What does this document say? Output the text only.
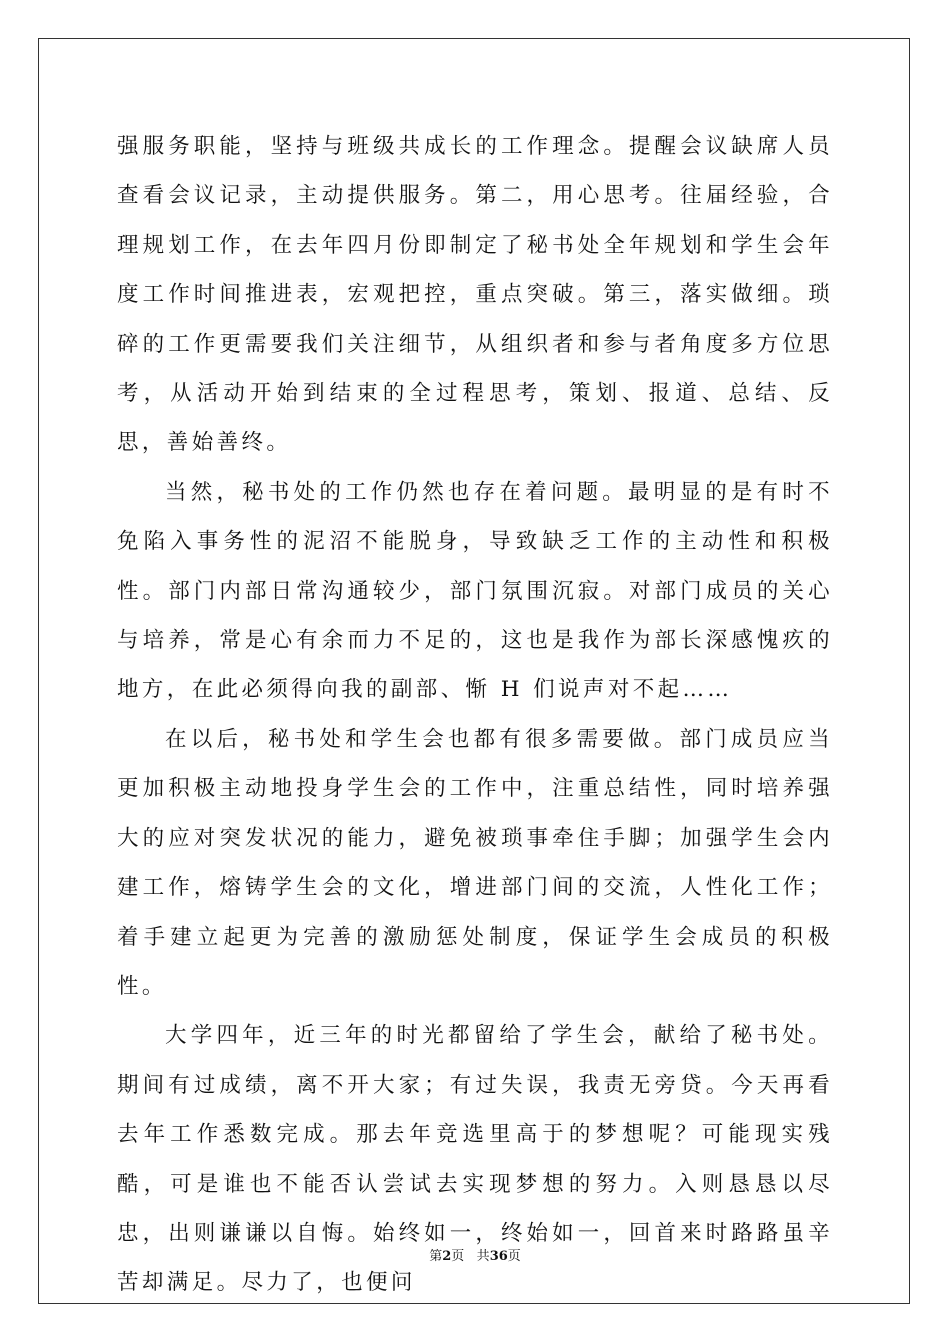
强服务职能，坚持与班级共成长的工作理念。提醒会议缺席人员查看会议记录，主动提供服务。第二，用心思考。往届经验，合理规划工作，在去年四月份即制定了秘书处全年规划和学生会年度工作时间推进表，宏观把控，重点突破。第三，落实做细。琐碎的工作更需要我们关注细节，从组织者和参与者角度多方位思考，从活动开始到结束的全过程思考，策划、报道、总结、反思，善始善终。

当然，秘书处的工作仍然也存在着问题。最明显的是有时不免陷入事务性的泥沼不能脱身，导致缺乏工作的主动性和积极性。部门内部日常沟通较少，部门氛围沉寂。对部门成员的关心与培养，常是心有余而力不足的，这也是我作为部长深感愧疚的地方，在此必须得向我的副部、惭 H 们说声对不起……

在以后，秘书处和学生会也都有很多需要做。部门成员应当更加积极主动地投身学生会的工作中，注重总结性，同时培养强大的应对突发状况的能力，避免被琐事牵住手脚；加强学生会内建工作，熔铸学生会的文化，增进部门间的交流，人性化工作；着手建立起更为完善的激励惩处制度，保证学生会成员的积极性。

大学四年，近三年的时光都留给了学生会，献给了秘书处。期间有过成绩，离不开大家；有过失误，我责无旁贷。今天再看去年工作悉数完成。那去年竞选里高于的梦想呢？可能现实残酷，可是谁也不能否认尝试去实现梦想的努力。入则恳恳以尽忠，出则谦谦以自悔。始终如一，终始如一，回首来时路路虽辛苦却满足。尽力了，也便问

第2页 共36页
